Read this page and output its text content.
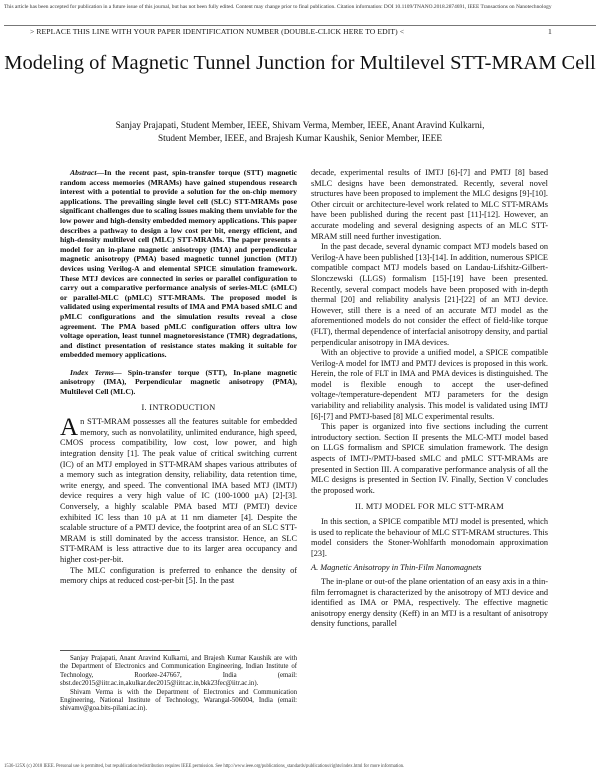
This article has been accepted for publication in a future issue of this journal, but has not been fully edited. Content may change prior to final publication. Citation information: DOI 10.1109/TNANO.2018.2874691, IEEE Transactions on Nanotechnology
> REPLACE THIS LINE WITH YOUR PAPER IDENTIFICATION NUMBER (DOUBLE-CLICK HERE TO EDIT) <	1
Modeling of Magnetic Tunnel Junction for Multilevel STT-MRAM Cell
Sanjay Prajapati, Student Member, IEEE, Shivam Verma, Member, IEEE, Anant Aravind Kulkarni,
Student Member, IEEE, and Brajesh Kumar Kaushik, Senior Member, IEEE

Abstract—In the recent past, spin-transfer torque (STT) magnetic random access memories (MRAMs) have gained stupendous research interest with a potential to provide a solution for the on-chip memory applications. The prevailing single level cell (SLC) STT-MRAMs pose significant challenges due to scaling issues making them unviable for the low power and high-density embedded memory applications. This paper describes a pathway to design a low cost per bit, energy efficient, and high-density multilevel cell (MLC) STT-MRAMs. The paper presents a model for an in-plane magnetic anisotropy (IMA) and perpendicular magnetic anisotropy (PMA) based magnetic tunnel junction (MTJ) devices using Verilog-A and elemental SPICE simulation framework. These MTJ devices are connected in series or parallel configuration to carry out a comparative performance analysis of series-MLC (sMLC) or parallel-MLC (pMLC) STT-MRAMs. The proposed model is validated using experimental results of IMA and PMA based sMLC and pMLC configurations and the simulation results reveal a close agreement. The PMA based pMLC configuration offers ultra low voltage operation, least tunnel magnetoresistance (TMR) degradations, and distinct presentation of resistance states making it suitable for embedded memory applications.

Index Terms— Spin-transfer torque (STT), In-plane magnetic anisotropy (IMA), Perpendicular magnetic anisotropy (PMA), Multilevel Cell (MLC).

I. INTRODUCTION

An STT-MRAM possesses all the features suitable for embedded memory, such as nonvolatility, unlimited endurance, high speed, CMOS process compatibility, low cost, low power, and high integration density [1]. The peak value of critical switching current (IC) of an MTJ employed in STT-MRAM shapes various attributes of a memory such as integration density, reliability, data retention time, write energy, and speed. The conventional IMA based MTJ (IMTJ) device requires a very high value of IC (100-1000 µA) [2]-[3]. Conversely, a highly scalable PMA based MTJ (PMTJ) device exhibited IC less than 10 µA at 11 nm diameter [4]. Despite the scalable structure of a PMTJ device, the footprint area of an SLC STT-MRAM is still dominated by the access transistor. Hence, an SLC STT-MRAM is less attractive due to its larger area occupancy and higher cost-per-bit.

The MLC configuration is preferred to enhance the density of memory chips at reduced cost-per-bit [5]. In the past

Sanjay Prajapati, Anant Aravind Kulkarni, and Brajesh Kumar Kaushik are with the Department of Electronics and Communication Engineering, Indian Institute of Technology, Roorkee-247667, India (email: sbst.dec2015@iitr.ac.in,akulkar.dec2015@iitr.ac.in,bkk23fec@iitr.ac.in).

Shivam Verma is with the Department of Electronics and Communication Engineering, National Institute of Technology, Warangal-506004, India (email: shivamv@goa.bits-pilani.ac.in).

decade, experimental results of IMTJ [6]-[7] and PMTJ [8] based sMLC designs have been demonstrated. Recently, several novel structures have been proposed to implement the MLC designs [9]-[10]. Other circuit or architecture-level work related to MLC STT-MRAMs have been published during the recent past [11]-[12]. However, an accurate modeling and several designing aspects of an MLC STT-MRAM still need further investigation.

In the past decade, several dynamic compact MTJ models based on Verilog-A have been published [13]-[14]. In addition, numerous SPICE compatible compact MTJ models based on Landau-Lifshitz-Gilbert-Slonczewski (LLGS) formalism [15]-[19] have been presented. Recently, several compact models have been proposed with in-depth thermal [20] and reliability analysis [21]-[22] of an MTJ device. However, still there is a need of an accurate MTJ model as the aforementioned models do not consider the effect of field-like torque (FLT), thermal dependence of interfacial anisotropy density, and partial perpendicular anisotropy in IMA devices.

With an objective to provide a unified model, a SPICE compatible Verilog-A model for IMTJ and PMTJ devices is proposed in this work. Herein, the role of FLT in IMA and PMA devices is distinguished. The model is flexible enough to accept the user-defined voltage-/temperature-dependent MTJ parameters for the design variability and reliability analysis. This model is validated using IMTJ [6]-[7] and PMTJ-based [8] MLC experimental results.

This paper is organized into five sections including the current introductory section. Section II presents the MLC-MTJ model based on LLGS formalism and SPICE simulation framework. The design aspects of IMTJ-/PMTJ-based sMLC and pMLC STT-MRAMs are presented in Section III. A comparative performance analysis of all the MLC designs is presented in Section IV. Finally, Section V concludes the proposed work.

II. MTJ MODEL FOR MLC STT-MRAM

In this section, a SPICE compatible MTJ model is presented, which is used to replicate the behaviour of MLC STT-MRAM structures. This model considers the Stoner-Wohlfarth monodomain approximation [23].

A. Magnetic Anisotropy in Thin-Film Nanomagnets

The in-plane or out-of the plane orientation of an easy axis in a thin-film ferromagnet is characterized by the anisotropy of MTJ device and identified as IMA or PMA, respectively. The effective magnetic anisotropy energy density (Keff) in an MTJ is a resultant of anisotropy density functions, parallel

1536-125X (c) 2018 IEEE. Personal use is permitted, but republication/redistribution requires IEEE permission. See http://www.ieee.org/publications_standards/publications/rights/index.html for more information.
